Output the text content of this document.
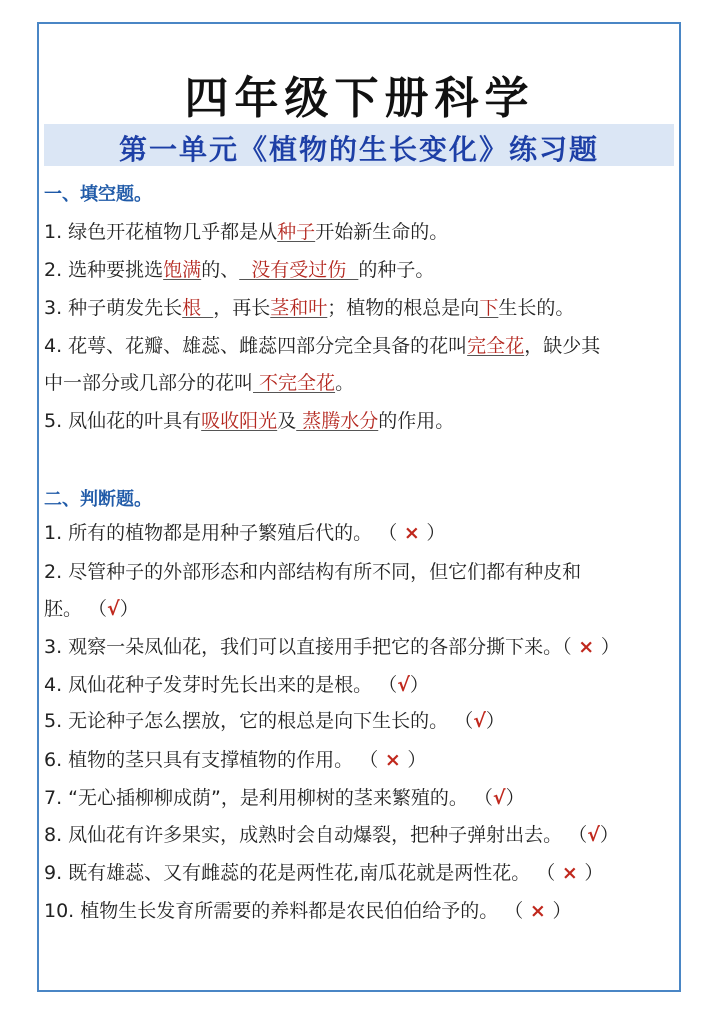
四年级下册科学
第一单元《植物的生长变化》练习题
一、填空题。
1. 绿色开花植物几乎都是从种子开始新生命的。
2. 选种要挑选饱满的、  没有受过伤  的种子。
3. 种子萌发先长根  ，再长茎和叶；植物的根总是向下生长的。
4. 花萼、花瓣、雄蕊、雌蕊四部分完全具备的花叫完全花，缺少其
中一部分或几部分的花叫 不完全花。
5. 凤仙花的叶具有吸收阳光及 蒸腾水分的作用。
二、判断题。
1. 所有的植物都是用种子繁殖后代的。 （ × ）
2. 尽管种子的外部形态和内部结构有所不同，但它们都有种皮和
胚。 （√）
3. 观察一朵凤仙花，我们可以直接用手把它的各部分撕下来。（ × ）
4. 凤仙花种子发芽时先长出来的是根。 （√）
5. 无论种子怎么摆放，它的根总是向下生长的。 （√）
6. 植物的茎只具有支撑植物的作用。 （ × ）
7. “无心插柳柳成荫”，是利用柳树的茎来繁殖的。 （√）
8. 凤仙花有许多果实，成熟时会自动爆裂，把种子弹射出去。 （√）
9. 既有雄蕊、又有雌蕊的花是两性花,南瓜花就是两性花。 （ × ）
10. 植物生长发育所需要的养料都是农民伯伯给予的。 （ × ）
